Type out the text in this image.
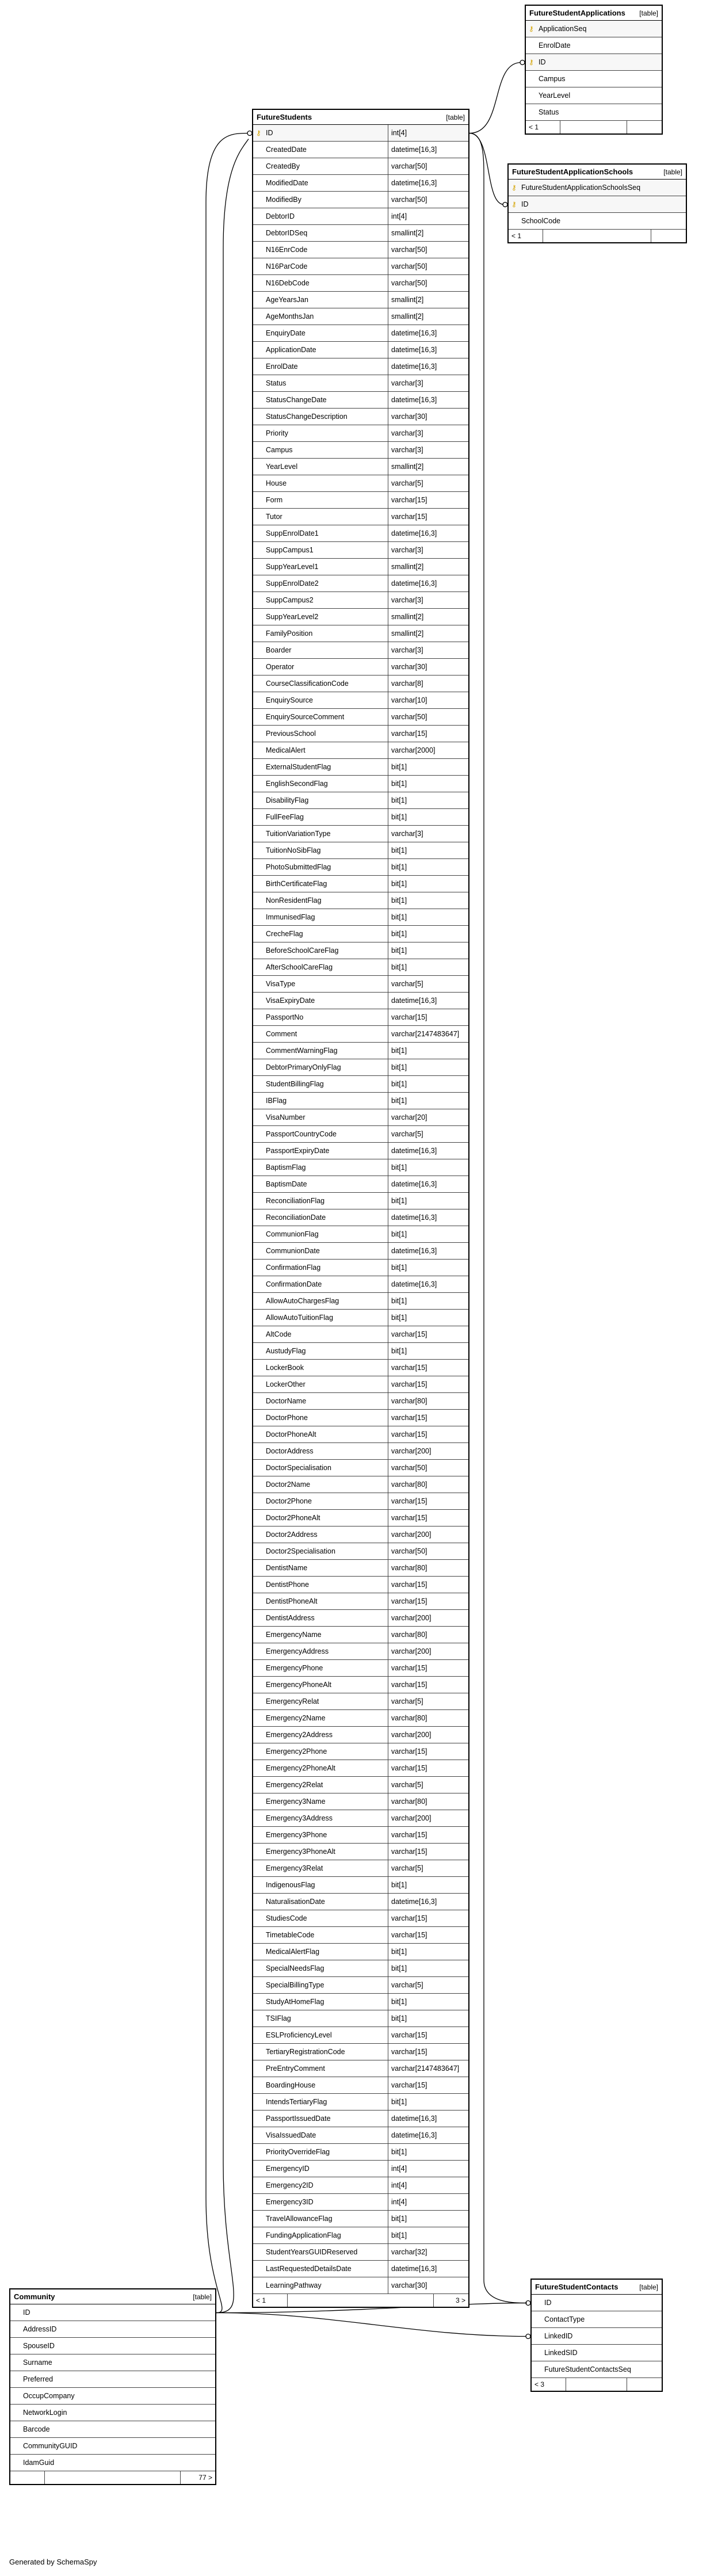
FutureStudentApplications [table]
⚷ ApplicationSeq
EnrolDate
⚷ ID
Campus
YearLevel
Status
< 1
FutureStudentApplicationSchools	[table]
⚷ FutureStudentApplicationSchoolsSeq
⚷ ID
SchoolCode
< 1
FutureStudents	[table]
⚷ ID	int[4]
CreatedDate	datetime[16,3]
CreatedBy	varchar[50]
ModifiedDate	datetime[16,3]
ModifiedBy	varchar[50]
DebtorID	int[4]
DebtorIDSeq	smallint[2]
N16EnrCode	varchar[50]
N16ParCode	varchar[50]
N16DebCode	varchar[50]
AgeYearsJan	smallint[2]
AgeMonthsJan	smallint[2]
EnquiryDate	datetime[16,3]
ApplicationDate	datetime[16,3]
EnrolDate	datetime[16,3]
Status	varchar[3]
StatusChangeDate	datetime[16,3]
StatusChangeDescription	varchar[30]
Priority	varchar[3]
Campus	varchar[3]
YearLevel	smallint[2]
House	varchar[5]
Form	varchar[15]
Tutor	varchar[15]
SuppEnrolDate1	datetime[16,3]
SuppCampus1	varchar[3]
SuppYearLevel1	smallint[2]
SuppEnrolDate2	datetime[16,3]
SuppCampus2	varchar[3]
SuppYearLevel2	smallint[2]
FamilyPosition	smallint[2]
Boarder	varchar[3]
Operator	varchar[30]
CourseClassificationCode	varchar[8]
EnquirySource	varchar[10]
EnquirySourceComment	varchar[50]
PreviousSchool	varchar[15]
MedicalAlert	varchar[2000]
ExternalStudentFlag	bit[1]
EnglishSecondFlag	bit[1]
DisabilityFlag	bit[1]
FullFeeFlag	bit[1]
TuitionVariationType	varchar[3]
TuitionNoSibFlag	bit[1]
PhotoSubmittedFlag	bit[1]
BirthCertificateFlag	bit[1]
NonResidentFlag	bit[1]
ImmunisedFlag	bit[1]
CrecheFlag	bit[1]
BeforeSchoolCareFlag	bit[1]
AfterSchoolCareFlag	bit[1]
VisaType	varchar[5]
VisaExpiryDate	datetime[16,3]
PassportNo	varchar[15]
Comment	varchar[2147483647]
CommentWarningFlag	bit[1]
DebtorPrimaryOnlyFlag	bit[1]
StudentBillingFlag	bit[1]
IBFlag	bit[1]
VisaNumber	varchar[20]
PassportCountryCode	varchar[5]
PassportExpiryDate	datetime[16,3]
BaptismFlag	bit[1]
BaptismDate	datetime[16,3]
ReconciliationFlag	bit[1]
ReconciliationDate	datetime[16,3]
CommunionFlag	bit[1]
CommunionDate	datetime[16,3]
ConfirmationFlag	bit[1]
ConfirmationDate	datetime[16,3]
AllowAutoChargesFlag	bit[1]
AllowAutoTuitionFlag	bit[1]
AltCode	varchar[15]
AustudyFlag	bit[1]
LockerBook	varchar[15]
LockerOther	varchar[15]
DoctorName	varchar[80]
DoctorPhone	varchar[15]
DoctorPhoneAlt	varchar[15]
DoctorAddress	varchar[200]
DoctorSpecialisation	varchar[50]
Doctor2Name	varchar[80]
Doctor2Phone	varchar[15]
Doctor2PhoneAlt	varchar[15]
Doctor2Address	varchar[200]
Doctor2Specialisation	varchar[50]
DentistName	varchar[80]
DentistPhone	varchar[15]
DentistPhoneAlt	varchar[15]
DentistAddress	varchar[200]
EmergencyName	varchar[80]
EmergencyAddress	varchar[200]
EmergencyPhone	varchar[15]
EmergencyPhoneAlt	varchar[15]
EmergencyRelat	varchar[5]
Emergency2Name	varchar[80]
Emergency2Address	varchar[200]
Emergency2Phone	varchar[15]
Emergency2PhoneAlt	varchar[15]
Emergency2Relat	varchar[5]
Emergency3Name	varchar[80]
Emergency3Address	varchar[200]
Emergency3Phone	varchar[15]
Emergency3PhoneAlt	varchar[15]
Emergency3Relat	varchar[5]
IndigenousFlag	bit[1]
NaturalisationDate	datetime[16,3]
StudiesCode	varchar[15]
TimetableCode	varchar[15]
MedicalAlertFlag	bit[1]
SpecialNeedsFlag	bit[1]
SpecialBillingType	varchar[5]
StudyAtHomeFlag	bit[1]
TSIFlag	bit[1]
ESLProficiencyLevel	varchar[15]
TertiaryRegistrationCode	varchar[15]
PreEntryComment	varchar[2147483647]
BoardingHouse	varchar[15]
IntendsTertiaryFlag	bit[1]
PassportIssuedDate	datetime[16,3]
VisaIssuedDate	datetime[16,3]
PriorityOverrideFlag	bit[1]
EmergencyID	int[4]
Emergency2ID	int[4]
Emergency3ID	int[4]
TravelAllowanceFlag	bit[1]
FundingApplicationFlag	bit[1]
StudentYearsGUIDReserved	varchar[32]
LastRequestedDetailsDate	datetime[16,3]
LearningPathway	varchar[30]
< 1	3 >
Community	[table]
ID
AddressID
SpouseID
Surname
Preferred
OccupCompany
NetworkLogin
Barcode
CommunityGUID
IdamGuid
77 >
FutureStudentContacts	[table]
ID
ContactType
LinkedID
LinkedSID
FutureStudentContactsSeq
< 3
Generated by SchemaSpy
